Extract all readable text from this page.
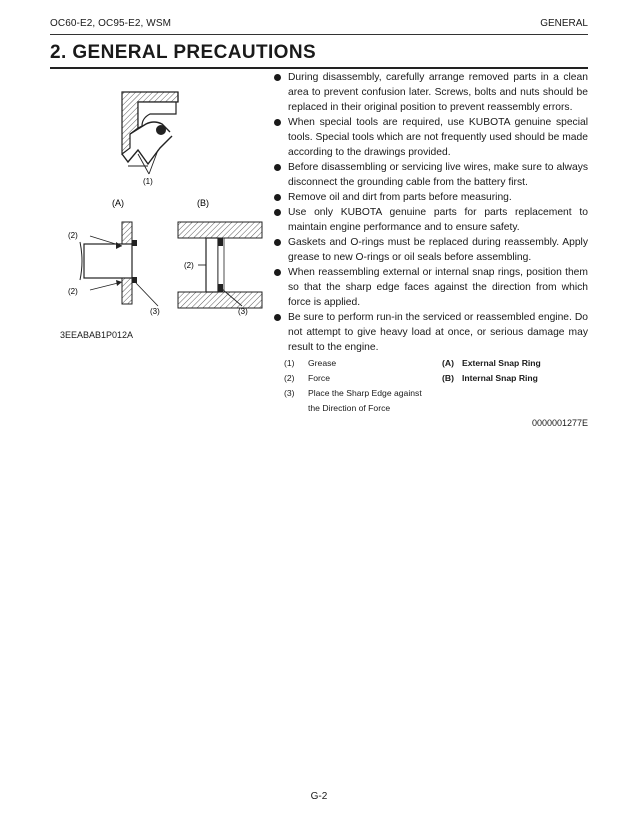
OC60-E2, OC95-E2, WSM	GENERAL
2. GENERAL PRECAUTIONS
(1)
(A)	(B)
(2)
(2)
(3)
(2)
(3)
3EEABAB1P012A
During disassembly, carefully arrange removed parts in a clean area to prevent confusion later. Screws, bolts and nuts should be replaced in their original position to prevent reassembly errors.
When special tools are required, use KUBOTA genuine special tools. Special tools which are not frequently used should be made according to the drawings provided.
Before disassembling or servicing live wires, make sure to always disconnect the grounding cable from the battery first.
Remove oil and dirt from parts before measuring.
Use only KUBOTA genuine parts for parts replacement to maintain engine performance and to ensure safety.
Gaskets and O-rings must be replaced during reassembly. Apply grease to new O-rings or oil seals before assembling.
When reassembling external or internal snap rings, position them so that the sharp edge faces against the direction from which force is applied.
Be sure to perform run-in the serviced or reassembled engine. Do not attempt to give heavy load at once, or serious damage may result to the engine.
(1) Grease	(A) External Snap Ring
(2) Force	(B) Internal Snap Ring
(3) Place the Sharp Edge against the Direction of Force
0000001277E
G-2
